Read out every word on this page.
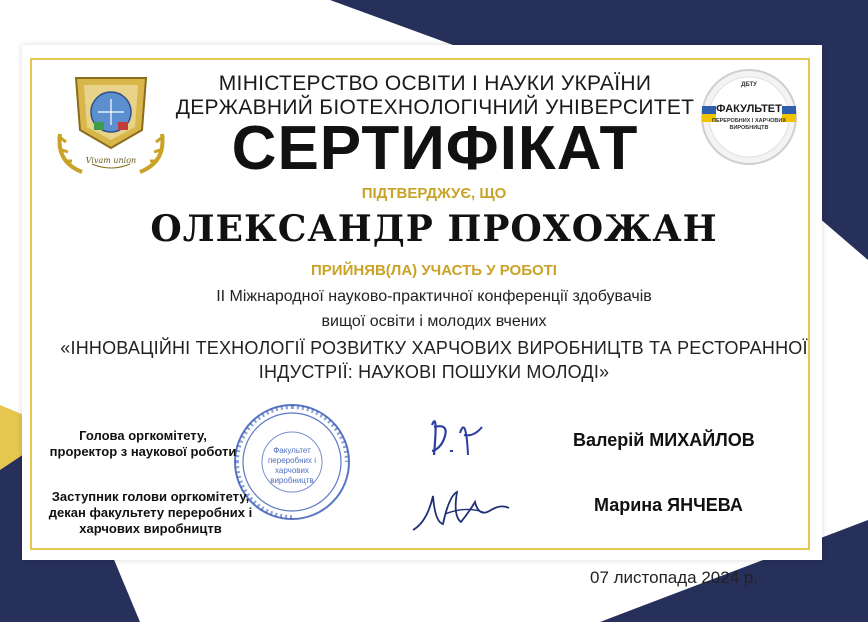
Vivam union
ДБТУ
ФАКУЛЬТЕТ
ПЕРЕРОБНИХ І ХАРЧОВИХ
ВИРОБНИЦТВ
МІНІСТЕРСТВО ОСВІТИ І НАУКИ УКРАЇНИ
ДЕРЖАВНИЙ БІОТЕХНОЛОГІЧНИЙ УНІВЕРСИТЕТ
СЕРТИФІКАТ
ПІДТВЕРДЖУЄ, ЩО
ОЛЕКСАНДР ПРОХОЖАН
ПРИЙНЯВ(ЛА) УЧАСТЬ У РОБОТІ
II Міжнародної науково-практичної конференції здобувачів
вищої освіти і молодих вчених
«ІННОВАЦІЙНІ ТЕХНОЛОГІЇ РОЗВИТКУ ХАРЧОВИХ ВИРОБНИЦТВ ТА РЕСТОРАННОЇ
ІНДУСТРІЇ: НАУКОВІ ПОШУКИ МОЛОДІ»
Факультет
переробних і
харчових
виробництв
Голова оргкомітету,
проректор з наукової роботи
Заступник голови оргкомітету,
декан факультету переробних і
харчових виробництв
Валерій МИХАЙЛОВ
Марина ЯНЧЕВА
07 листопада 2024 р.
